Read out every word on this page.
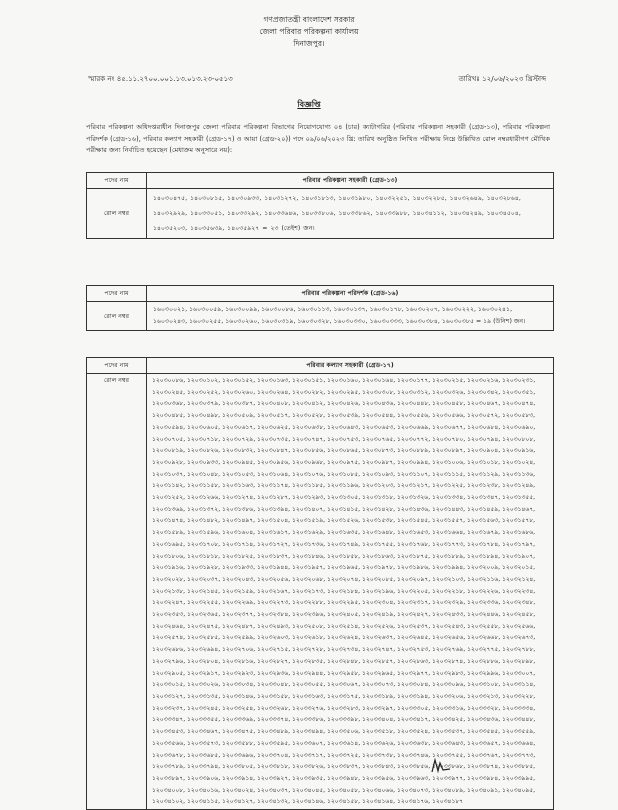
গণপ্রজাতন্ত্রী বাংলাদেশ সরকার
জেলা পরিবার পরিকল্পনা কার্যালয়
দিনাজপুর।
স্মারক নং ৪৫.১১.২৭০০.০০১.১৩.০১৩.২৩-০৫১৩	তারিখঃ ১২/০৬/২০২৩ খ্রিস্টাব্দ
বিজ্ঞপ্তি
পরিবার পরিকল্পনা অধিদপ্তরাধীন দিনাজপুর জেলা পরিবার পরিকল্পনা বিভাগের নিয়োগযোগ্য ০৪ (চার) ক্যাটাগরির (পরিবার পরিকল্পনা সহকারী (গ্রেড-১৩), পরিবার পরিকল্পনা পরিদর্শক (গ্রেড-১৬), পরিবার কল্যাণ সহকারী (গ্রেড-১৭) ও আয়া (গ্রেড-২০)) পদে ০৯/০৬/২০২৩ খ্রি: তারিখ অনুষ্ঠিত লিখিত পরীক্ষায় নিম্নে উল্লিখিত রোল নম্বরধারীগণ মৌখিক পরীক্ষার জন্য নির্বাচিত হয়েছেন (মেধাক্রম অনুসারে নয়):
পদের নাম	পরিবার পরিকল্পনা সহকারী (গ্রেড-১৩)
রোল নম্বর	১৪০৩০৪৭৫, ১৪০৩০৮১৫, ১৪০৩০৯৩৩, ১৪০৩১২৭২, ১৪০৩১৮১৩, ১৪০৩১৯৮০, ১৪০৩২২৫১, ১৪০৩২২৮৫, ১৪০৩২৬৪৯, ১৪০৩২৮৬৪, ১৪০৩২৯২৯, ১৪০৩৩০৫১, ১৪০৩৩২৯২, ১৪০৩৩৬৪৬, ১৪০৩৩৮০৬, ১৪০৩৩৮৬২, ১৪০৩৩৯৮৮, ১৪০৩৪১১২, ১৪০৩৪২৪৯, ১৪০৩৪৫০৪, ১৪০৩৫২০৩, ১৪০৩৫৬৩৯, ১৪০৩৫৯২৭ = ২৩ (তেইশ) জন।
পদের নাম	পরিবার পরিকল্পনা পরিদর্শক (গ্রেড-১৬)
রোল নম্বর	১৬০৩০০২১, ১৬০৩০০৫৯, ১৬০৩০০৯৯, ১৬০৩০০৮৬, ১৬০৩০১১৩, ১৬০৩০১৩৭, ১৬০৩০১৭৮, ১৬০৩০২০৭, ১৬০৩০২২২, ১৬০৩০২৪১, ১৬০৩০২৪৩, ১৬০৩০২৫৫, ১৬০৩০২৬০, ১৬০৩০৩১৯, ১৬০৩০৩২৮, ১৬০৩০৩৩০, ১৬০৩০৩৩৩, ১৬০৩০৩৮৪, ১৬০৩০৩৮৫ = ১৯ (উনিশ) জন।
পদের নাম	পরিবার কল্যাণ সহকারী (গ্রেড-১৭)
রোল নম্বর	১২০৩০০৮৬, ১২০৩০১০২, ১২০৩০১৫২, ১২০৩০১৬৩, ১২০৩০১৫১, ১২০৩০১৬০, ১২০৩০১৬৪, ১২০৩০১৭৭, ১২০৩০২১৫, ১২০৩০২১৬, ১২০৩০২৩১, ১২০৩০২৪৫, ১২০৩০২৫২, ১২০৩০২৬০, ১২০৩০২৬৪, ১২০৩০২৮২, ১২০৩০২৯৫, ১২০৩০৩০৮, ১২০৩০৩১২, ১২০৩০৩২৬, ১২০৩০৩৪২, ১২০৩০৩৫১, ১২০৩০৩৬৮, ১২০৩০৩৭৯, ১২০৩০৩৮৭, ১২০৩০৪০৮, ১২০৩০৪১২, ১২০৩০৪২৬, ১২০৩০৪৩৬, ১২০৩০৪৪৮, ১২০৩০৪৫৮, ১২০৩০৪৬৭, ১২০৩০৪৭৪, ১২০৩০৪৮৫, ১২০৩০৪৯৮, ১২০৩০৫০৯, ১২০৩০৫১৭, ১২০৩০৫২৮, ১২০৩০৫৩৯, ১২০৩০৫৪৪, ১২০৩০৫৫৬, ১২০৩০৫৬৬, ১২০৩০৫৭২, ১২০৩০৫৮৩, ১২০৩০৫৯৪, ১২০৩০৬০৫, ১২০৩০৬১৭, ১২০৩০৬২৫, ১২০৩০৬৩৮, ১২০৩০৬৪৩, ১২০৩০৬৫৩, ১২০৩০৬৬৯, ১২০৩০৬৭৭, ১২০৩০৬৮৪, ১২০৩০৬৯০, ১২০৩০৭০৫, ১২০৩০৭১৮, ১২০৩০৭২৯, ১২০৩০৭৩৫, ১২০৩০৭৪৭, ১২০৩০৭৫৩, ১২০৩০৭৬৫, ১২০৩০৭৭২, ১২০৩০৭৮০, ১২০৩০৭৯৪, ১২০৩০৮০৮, ১২০৩০৮১৯, ১২০৩০৮২৬, ১২০৩০৮৩২, ১২০৩০৮৪৭, ১২০৩০৮৫৬, ১২০৩০৮৬৫, ১২০৩০৮৭৩, ১২০৩০৮৮৯, ১২০৩০৮৯৭, ১২০৩০৯০৪, ১২০৩০৯১৬, ১২০৩০৯২৮, ১২০৩০৯৩৩, ১২০৩০৯৪৫, ১২০৩০৯৫৬, ১২০৩০৯৬৮, ১২০৩০৯৭৫, ১২০৩০৯৮৭, ১২০৩০৯৯৪, ১২০৩১০০৬, ১২০৩১০১৮, ১২০৩১০২৪, ১২০৩১০৩৭, ১২০৩১০৪৮, ১২০৩১০৫৩, ১২০৩১০৬৪, ১২০৩১০৭৬, ১২০৩১০৮৫, ১২০৩১০৯৩, ১২০৩১১০৭, ১২০৩১১১৫, ১২০৩১১২৯, ১২০৩১১৩৬, ১২০৩১১৪২, ১২০৩১১৫৮, ১২০৩১১৬৩, ১২০৩১১৭৪, ১২০৩১১৮৫, ১২০৩১১৯৬, ১২০৩১২০৩, ১২০৩১২১৭, ১২০৩১২২৫, ১২০৩১২৩৮, ১২০৩১২৪৯, ১২০৩১২৫২, ১২০৩১২৬৬, ১২০৩১২৭৪, ১২০৩১২৮৭, ১২০৩১২৯৩, ১২০৩১৩০৫, ১২০৩১৩১৮, ১২০৩১৩২৬, ১২০৩১৩৩৪, ১২০৩১৩৪৭, ১২০৩১৩৫৫, ১২০৩১৩৬৯, ১২০৩১৩৭২, ১২০৩১৩৮৬, ১২০৩১৩৯৪, ১২০৩১৪০৭, ১২০৩১৪১৫, ১২০৩১৪২৮, ১২০৩১৪৩৬, ১২০৩১৪৪৩, ১২০৩১৪৫৯, ১২০৩১৪৬৭, ১২০৩১৪৭৪, ১২০৩১৪৮২, ১২০৩১৪৯৭, ১২০৩১৫০৪, ১২০৩১৫১৯, ১২০৩১৫২৬, ১২০৩১৫৩৮, ১২০৩১৫৪৫, ১২০৩১৫৫৭, ১২০৩১৫৬৩, ১২০৩১৫৭৮, ১২০৩১৫৮৯, ১২০৩১৫৯৬, ১২০৩১৬০৪, ১২০৩১৬১৭, ১২০৩১৬২৯, ১২০৩১৬৩৫, ১২০৩১৬৪৮, ১২০৩১৬৫৩, ১২০৩১৬৬৪, ১২০৩১৬৭৯, ১২০৩১৬৮৬, ১২০৩১৬৯৫, ১২০৩১৭০৮, ১২০৩১৭১৪, ১২০৩১৭২৭, ১২০৩১৭৩৬, ১২০৩১৭৪৯, ১২০৩১৭৫৫, ১২০৩১৭৬৮, ১২০৩১৭৭৩, ১২০৩১৭৮৪, ১২০৩১৭৯৭, ১২০৩১৮০৬, ১২০৩১৮১৮, ১২০৩১৮২৫, ১২০৩১৮৩৭, ১২০৩১৮৪৬, ১২০৩১৮৫৮, ১২০৩১৮৬৩, ১২০৩১৮৭৫, ১২০৩১৮৮৯, ১২০৩১৮৯৪, ১২০৩১৯০৭, ১২০৩১৯১৬, ১২০৩১৯২৮, ১২০৩১৯৩৩, ১২০৩১৯৪৪, ১২০৩১৯৫৭, ১২০৩১৯৬৫, ১২০৩১৯৭৮, ১২০৩১৯৮৬, ১২০৩১৯৯৪, ১২০৩২০০৯, ১২০৩২০১৫, ১২০৩২০২৮, ১২০৩২০৩৭, ১২০৩২০৪৩, ১২০৩২০৫৬, ১২০৩২০৬৮, ১২০৩২০৭৪, ১২০৩২০৮৫, ১২০৩২০৯৭, ১২০৩২১০৩, ১২০৩২১১৬, ১২০৩২১২৪, ১২০৩২১৩৮, ১২০৩২১৪৫, ১২০৩২১৫৯, ১২০৩২১৬৭, ১২০৩২১৭৩, ১২০৩২১৮৪, ১২০৩২১৯৬, ১২০৩২২০৫, ১২০৩২২১৮, ১২০৩২২২৬, ১২০৩২২৩৪, ১২০৩২২৪৭, ১২০৩২২৫৫, ১২০৩২২৬৯, ১২০৩২২৭৩, ১২০৩২২৮৮, ১২০৩২২৯৫, ১২০৩২৩০৪, ১২০৩২৩১৭, ১২০৩২৩২৯, ১২০৩২৩৩৬, ১২০৩২৩৪৮, ১২০৩২৩৫৩, ১২০৩২৩৬৫, ১২০৩২৩৭৭, ১২০৩২৩৮৪, ১২০৩২৩৯৬, ১২০৩২৪০৫, ১২০৩২৪১৯, ১২০৩২৪২৭, ১২০৩২৪৩৩, ১২০৩২৪৪৬, ১২০৩২৪৫৮, ১২০৩২৪৬৪, ১২০৩২৪৭৫, ১২০৩২৪৮৭, ১২০৩২৪৯৩, ১২০৩২৫০৮, ১২০৩২৫১৪, ১২০৩২৫২৬, ১২০৩২৫৩৭, ১২০৩২৫৪৩, ১২০৩২৫৫৮, ১২০৩২৫৬৬, ১২০৩২৫৭৪, ১২০৩২৫৮৫, ১২০৩২৫৯৯, ১২০৩২৬০৩, ১২০৩২৬১৮, ১২০৩২৬২৪, ১২০৩২৬৩৭, ১২০৩২৬৪৫, ১২০৩২৬৫৬, ১২০৩২৬৬৮, ১২০৩২৬৭৩, ১২০৩২৬৮৬, ১২০৩২৬৯৪, ১২০৩২৭০৬, ১২০৩২৭১৫, ১২০৩২৭২৮, ১২০৩২৭৩৪, ১২০৩২৭৪৭, ১২০৩২৭৫৩, ১২০৩২৭৬৯, ১২০৩২৭৭৫, ১২০৩২৭৮৮, ১২০৩২৭৯৬, ১২০৩২৮০৪, ১২০৩২৮১৬, ১২০৩২৮২৭, ১২০৩২৮৩৫, ১২০৩২৮৪৮, ১২০৩২৮৫৭, ১২০৩২৮৬৩, ১২০৩২৮৭৪, ১২০৩২৮৮৬, ১২০৩২৮৯৮, ১২০৩২৯০৫, ১২০৩২৯১৭, ১২০৩২৯২৩, ১২০৩২৯৩৬, ১২০৩২৯৪৪, ১২০৩২৯৫৮, ১২০৩২৯৬৫, ১২০৩২৯৭৭, ১২০৩২৯৮৩, ১২০৩২৯৯৬, ১২০৩৩০০৭, ১২০৩৩০১৫, ১২০৩৩০২৬, ১২০৩৩০৩৪, ১২০৩৩০৪৮, ১২০৩৩০৫৫, ১২০৩৩০৬৭, ১২০৩৩০৭৩, ১২০৩৩০৮৪, ১২০৩৩০৯৬, ১২০৩৩১০৮, ১২০৩৩১১৪, ১২০৩৩১২৭, ১২০৩৩১৩৫, ১২০৩৩১৪৬, ১২০৩৩১৫৮, ১২০৩৩১৬৩, ১২০৩৩১৭৫, ১২০৩৩১৮৯, ১২০৩৩১৯৪, ১২০৩৩২০৬, ১২০৩৩২১৩, ১২০৩৩২২৮, ১২০৩৩২৩৭, ১২০৩৩২৪৫, ১২০৩৩২৫৪, ১২০৩৩২৬৮, ১২০৩৩২৭৬, ১২০৩৩২৮৩, ১২০৩৩২৯৭, ১২০৩৩৩০৫, ১২০৩৩৩১৬, ১২০৩৩৩২৮, ১২০৩৩৩৩৪, ১২০৩৩৩৪৭, ১২০৩৩৩৫৫, ১২০৩৩৩৬৯, ১২০৩৩৩৭৪, ১২০৩৩৩৮৬, ১২০৩৩৩৯৮, ১২০৩৩৪০৪, ১২০৩৩৪১৭, ১২০৩৩৪২৫, ১২০৩৩৪৩৬, ১২০৩৩৪৪৮, ১২০৩৩৪৫৩, ১২০৩৩৪৬৭, ১২০৩৩৪৭৫, ১২০৩৩৪৮৯, ১২০৩৩৪৯৪, ১২০৩৩৫০৬, ১২০৩৩৫১৮, ১২০৩৩৫২৪, ১২০৩৩৫৩৭, ১২০৩৩৫৪৫, ১২০৩৩৫৫৯, ১২০৩৩৫৬৬, ১২০৩৩৫৭৩, ১২০৩৩৫৮৮, ১২০৩৩৫৯৫, ১২০৩৩৬০৭, ১২০৩৩৬১৪, ১২০৩৩৬২৬, ১২০৩৩৬৩৮, ১২০৩৩৬৪৩, ১২০৩৩৬৫৭, ১২০৩৩৬৬৪, ১২০৩৩৬৭৮, ১২০৩৩৬৮৫, ১২০৩৩৬৯৬, ১২০৩৩৭০৪, ১২০৩৩৭১৭, ১২০৩৩৭২৫, ১২০৩৩৭৩৮, ১২০৩৩৭৪৬, ১২০৩৩৭৫৫, ১২০৩৩৭৬৭, ১২০৩৩৭৭৩, ১২০৩৩৭৮৯, ১২০৩৩৭৯৪, ১২০৩৩৮০৫, ১২০৩৩৮১৮, ১২০৩৩৮২৬, ১২০৩৩৮৩৭, ১২০৩৩৮৪৩, ১২০৩৩৮৫৬, ১২০৩৩৮৬৮, ১২০৩৩৮৭৪, ১২০৩৩৮৮৫, ১২০৩৩৮৯৭, ১২০৩৩৯০৬, ১২০৩৩৯১৪, ১২০৩৩৯২৭, ১২০৩৩৯৩৫, ১২০৩৩৯৪৮, ১২০৩৩৯৫৬, ১২০৩৩৯৬৩, ১২০৩৩৯৭৭, ১২০৩৩৯৮৪, ১২০৩৩৯৯৫, ১২০৩৪০০৮, ১২০৩৪০১৬, ১২০৩৪০২৪, ১২০৩৪০৩৭, ১২০৩৪০৪৫, ১২০৩৪০৫৮, ১২০৩৪০৬৬, ১২০৩৪০৭৩, ১২০৩৪০৮৯, ১২০৩৪০৯১, ১২০৩৪০৯৫, ১২০৩৪১০২, ১২০৩৪১১৫, ১২০৩৪১২৭, ১২০৩৪১৩২, ১২০৩৪১৪৬, ১২০৩৪১৫৮, ১২০৩৪১৬৪, ১২০৩৪১৭৬, ১২০৩৪১৮৭
